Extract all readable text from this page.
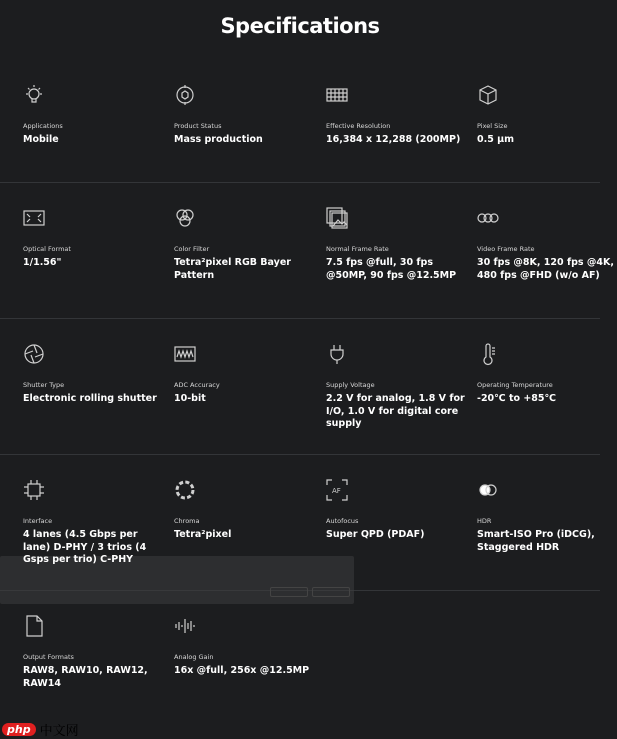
Specifications
Applications
Mobile
Product Status
Mass production
Effective Resolution
16,384 x 12,288 (200MP)
Pixel Size
0.5 µm
Optical Format
1/1.56"
Color Filter
Tetra²pixel RGB Bayer Pattern
Normal Frame Rate
7.5 fps @full, 30 fps @50MP, 90 fps @12.5MP
Video Frame Rate
30 fps @8K, 120 fps @4K, 480 fps @FHD (w/o AF)
Shutter Type
Electronic rolling shutter
ADC Accuracy
10-bit
Supply Voltage
2.2 V for analog, 1.8 V for I/O, 1.0 V for digital core supply
Operating Temperature
-20℃ to +85℃
Interface
4 lanes (4.5 Gbps per lane) D-PHY / 3 trios (4 Gsps per trio) C-PHY
Chroma
Tetra²pixel
AF
Autofocus
Super QPD (PDAF)
HDR
Smart-ISO Pro (iDCG), Staggered HDR
Output Formats
RAW8, RAW10, RAW12, RAW14
Analog Gain
16x @full, 256x @12.5MP
php 中文网
